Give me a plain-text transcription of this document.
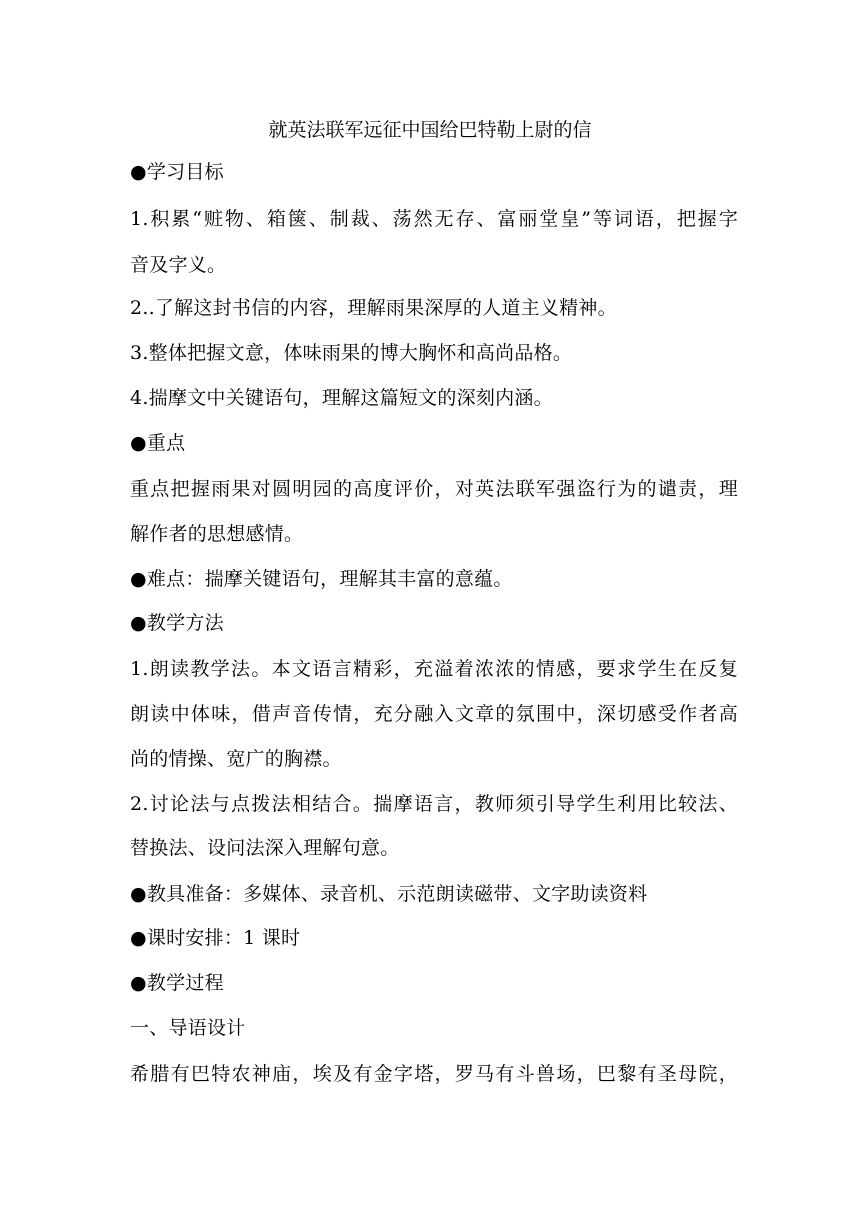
就英法联军远征中国给巴特勒上尉的信
●学习目标
1.积累“赃物、箱箧、制裁、荡然无存、富丽堂皇”等词语，把握字
音及字义。
2..了解这封书信的内容，理解雨果深厚的人道主义精神。
3.整体把握文意，体味雨果的博大胸怀和高尚品格。
4.揣摩文中关键语句，理解这篇短文的深刻内涵。
●重点
重点把握雨果对圆明园的高度评价，对英法联军强盗行为的谴责，理
解作者的思想感情。
●难点：揣摩关键语句，理解其丰富的意蕴。
●教学方法
1.朗读教学法。本文语言精彩，充溢着浓浓的情感，要求学生在反复
朗读中体味，借声音传情，充分融入文章的氛围中，深切感受作者高
尚的情操、宽广的胸襟。
2.讨论法与点拨法相结合。揣摩语言，教师须引导学生利用比较法、
替换法、设问法深入理解句意。
●教具准备：多媒体、录音机、示范朗读磁带、文字助读资料
●课时安排：1 课时
●教学过程
一、导语设计
希腊有巴特农神庙，埃及有金字塔，罗马有斗兽场，巴黎有圣母院，
